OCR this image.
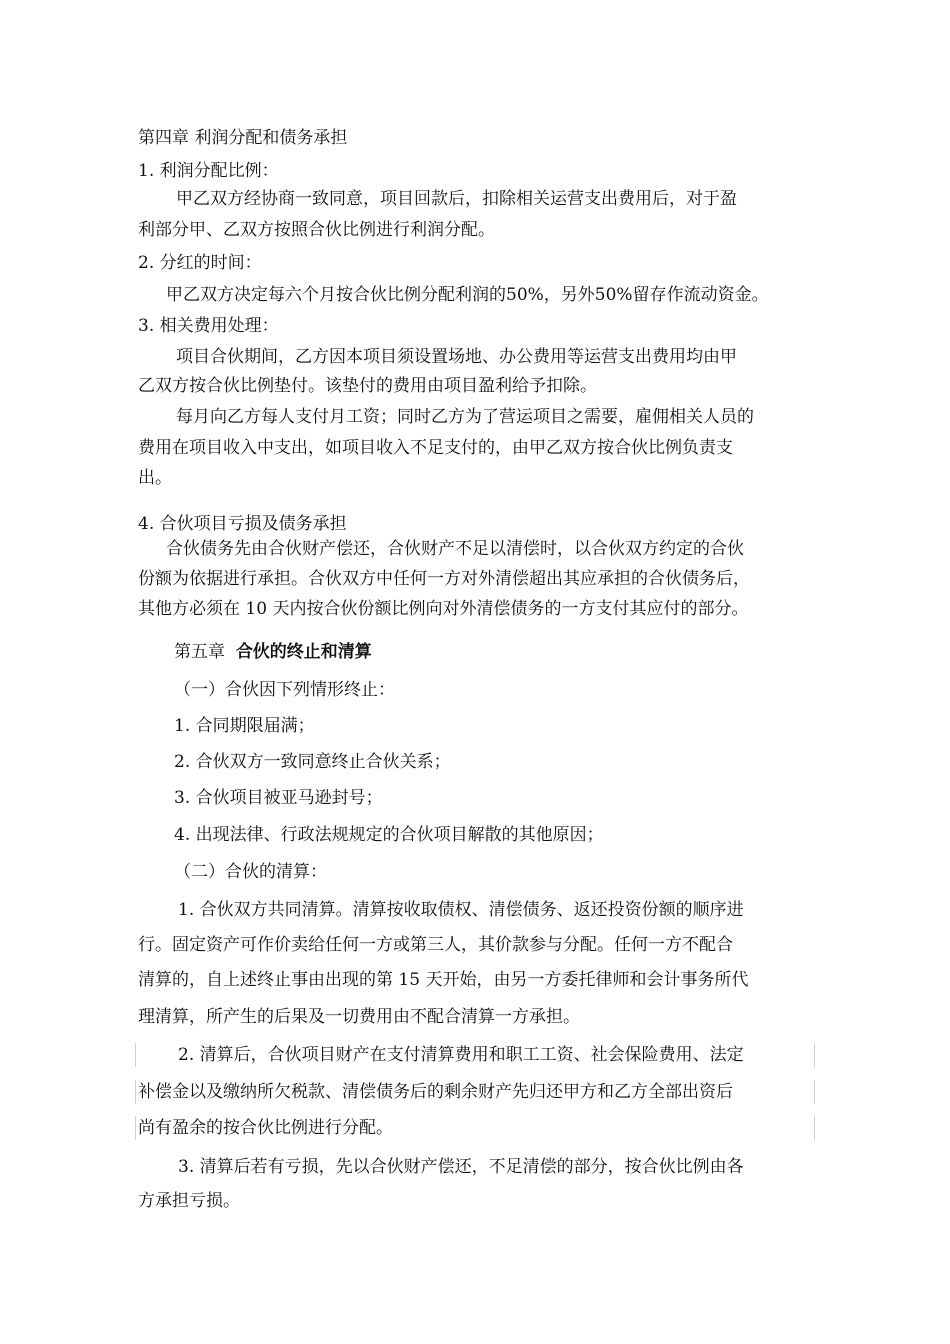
第四章 利润分配和债务承担
1. 利润分配比例：
甲乙双方经协商一致同意，项目回款后，扣除相关运营支出费用后，对于盈
利部分甲、乙双方按照合伙比例进行利润分配。
2. 分红的时间：
甲乙双方决定每六个月按合伙比例分配利润的50%，另外50%留存作流动资金。
3. 相关费用处理：
项目合伙期间，乙方因本项目须设置场地、办公费用等运营支出费用均由甲
乙双方按合伙比例垫付。该垫付的费用由项目盈利给予扣除。
每月向乙方每人支付月工资；同时乙方为了营运项目之需要，雇佣相关人员的
费用在项目收入中支出，如项目收入不足支付的，由甲乙双方按合伙比例负责支
出。
4. 合伙项目亏损及债务承担
合伙债务先由合伙财产偿还，合伙财产不足以清偿时，以合伙双方约定的合伙
份额为依据进行承担。合伙双方中任何一方对外清偿超出其应承担的合伙债务后，
其他方必须在 10 天内按合伙份额比例向对外清偿债务的一方支付其应付的部分。
第五章 合伙的终止和清算
（一）合伙因下列情形终止：
1. 合同期限届满；
2. 合伙双方一致同意终止合伙关系；
3. 合伙项目被亚马逊封号；
4. 出现法律、行政法规规定的合伙项目解散的其他原因；
（二）合伙的清算：
1. 合伙双方共同清算。清算按收取债权、清偿债务、返还投资份额的顺序进
行。固定资产可作价卖给任何一方或第三人，其价款参与分配。任何一方不配合
清算的，自上述终止事由出现的第 15 天开始，由另一方委托律师和会计事务所代
理清算，所产生的后果及一切费用由不配合清算一方承担。
2. 清算后，合伙项目财产在支付清算费用和职工工资、社会保险费用、法定
补偿金以及缴纳所欠税款、清偿债务后的剩余财产先归还甲方和乙方全部出资后
尚有盈余的按合伙比例进行分配。
3. 清算后若有亏损，先以合伙财产偿还，不足清偿的部分，按合伙比例由各
方承担亏损。
